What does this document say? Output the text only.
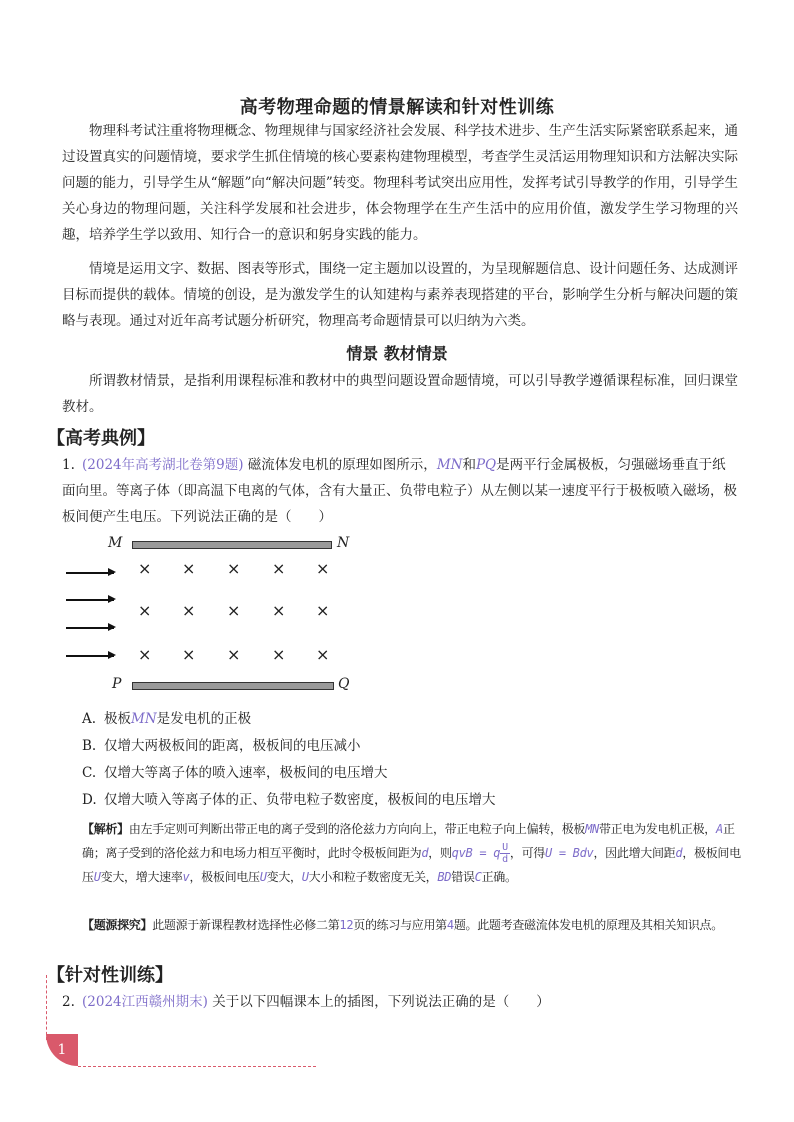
高考物理命题的情景解读和针对性训练

物理科考试注重将物理概念、物理规律与国家经济社会发展、科学技术进步、生产生活实际紧密联系起来，通过设置真实的问题情境，要求学生抓住情境的核心要素构建物理模型，考查学生灵活运用物理知识和方法解决实际问题的能力，引导学生从“解题”向“解决问题”转变。物理科考试突出应用性，发挥考试引导教学的作用，引导学生关心身边的物理问题，关注科学发展和社会进步，体会物理学在生产生活中的应用价值，激发学生学习物理的兴趣，培养学生学以致用、知行合一的意识和躬身实践的能力。

情境是运用文字、数据、图表等形式，围绕一定主题加以设置的，为呈现解题信息、设计问题任务、达成测评目标而提供的载体。情境的创设，是为激发学生的认知建构与素养表现搭建的平台，影响学生分析与解决问题的策略与表现。通过对近年高考试题分析研究，物理高考命题情景可以归纳为六类。

情景 教材情景

所谓教材情景，是指利用课程标准和教材中的典型问题设置命题情境，可以引导教学遵循课程标准，回归课堂教材。

【高考典例】

1. (2024年高考湖北卷第9题) 磁流体发电机的原理如图所示，MN和PQ是两平行金属极板，匀强磁场垂直于纸面向里。等离子体（即高温下电离的气体，含有大量正、负带电粒子）从左侧以某一速度平行于极板喷入磁场，极板间便产生电压。下列说法正确的是（　　）

M	N
× × × × ×
× × × × ×
× × × × ×
P	Q
A. 极板MN是发电机的正极
B. 仅增大两极板间的距离，极板间的电压减小
C. 仅增大等离子体的喷入速率，极板间的电压增大
D. 仅增大喷入等离子体的正、负带电粒子数密度，极板间的电压增大

【解析】由左手定则可判断出带正电的离子受到的洛伦兹力方向向上，带正电粒子向上偏转，极板MN带正电为发电机正极，A正确；离子受到的洛伦兹力和电场力相互平衡时，此时令极板间距为d，则qvB = q $\frac{U}{d}$ ，可得U = Bdv，因此增大间距d，极板间电压U变大，增大速率v，极板间电压U变大，U大小和粒子数密度无关，BD错误C正确。

【题源探究】此题源于新课程教材选择性必修二第12页的练习与应用第4题。此题考查磁流体发电机的原理及其相关知识点。

【针对性训练】

2. (2024江西赣州期末) 关于以下四幅课本上的插图，下列说法正确的是（　　）

1
